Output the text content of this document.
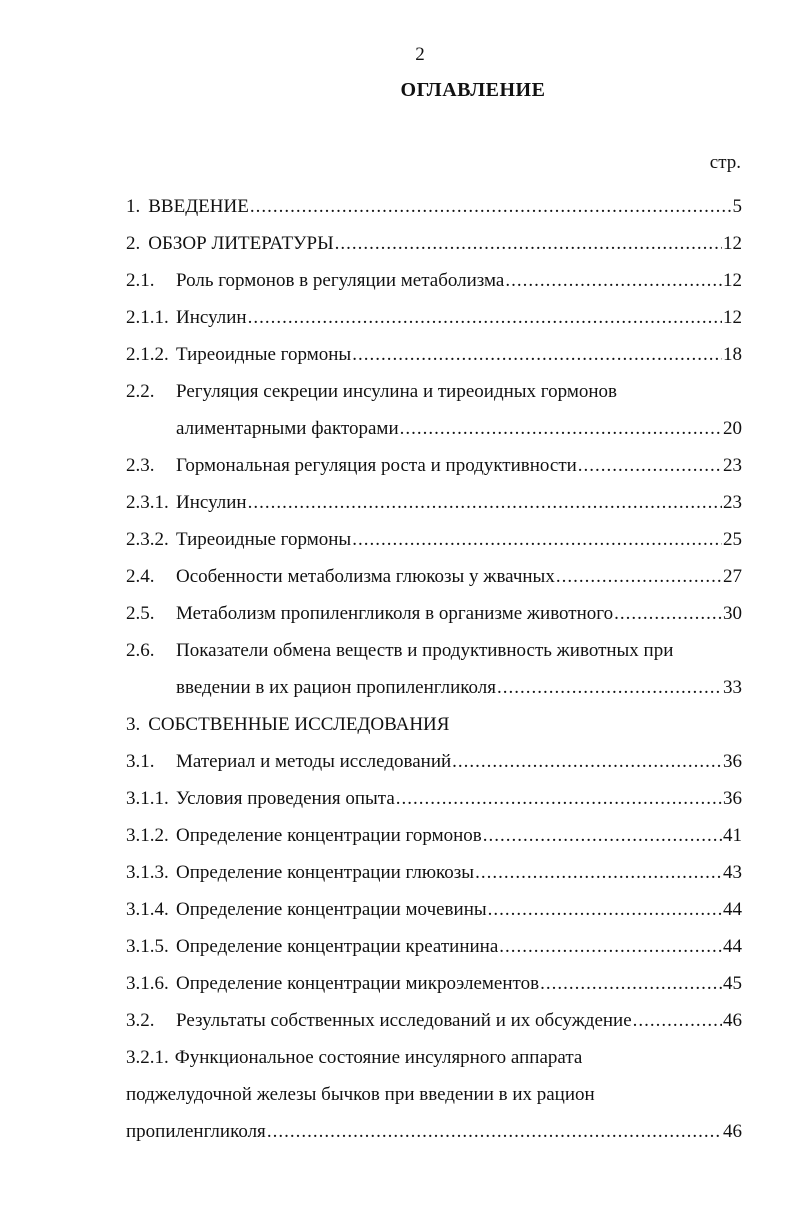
2
ОГЛАВЛЕНИЕ
стр.
1. ВВЕДЕНИЕ .....	5
2. ОБЗОР ЛИТЕРАТУРЫ .....	12
2.1.	Роль гормонов в регуляции метаболизма .....	12
2.1.1. Инсулин .....	12
2.1.2. Тиреоидные гормоны .....	18
2.2.	Регуляция секреции инсулина и тиреоидных гормонов
алиментарными факторами .....	20
2.3.	Гормональная регуляция роста и продуктивности .....	23
2.3.1. Инсулин .....	23
2.3.2. Тиреоидные гормоны .....	25
2.4.	Особенности метаболизма глюкозы у жвачных .....	27
2.5.	Метаболизм пропиленгликоля в организме животного .....	30
2.6.	Показатели обмена веществ и продуктивность животных при
введении в их рацион пропиленгликоля .....	33
3. СОБСТВЕННЫЕ ИССЛЕДОВАНИЯ
3.1.	Материал и методы исследований .....	36
3.1.1. Условия проведения опыта .....	36
3.1.2. Определение концентрации гормонов .....	41
3.1.3. Определение концентрации глюкозы .....	43
3.1.4. Определение концентрации мочевины .....	44
3.1.5. Определение концентрации креатинина .....	44
3.1.6. Определение концентрации микроэлементов .....	45
3.2.	Результаты собственных исследований и их обсуждение .....	46
3.2.1. Функциональное состояние инсулярного аппарата
поджелудочной железы бычков при введении в их рацион
пропиленгликоля .....	46
